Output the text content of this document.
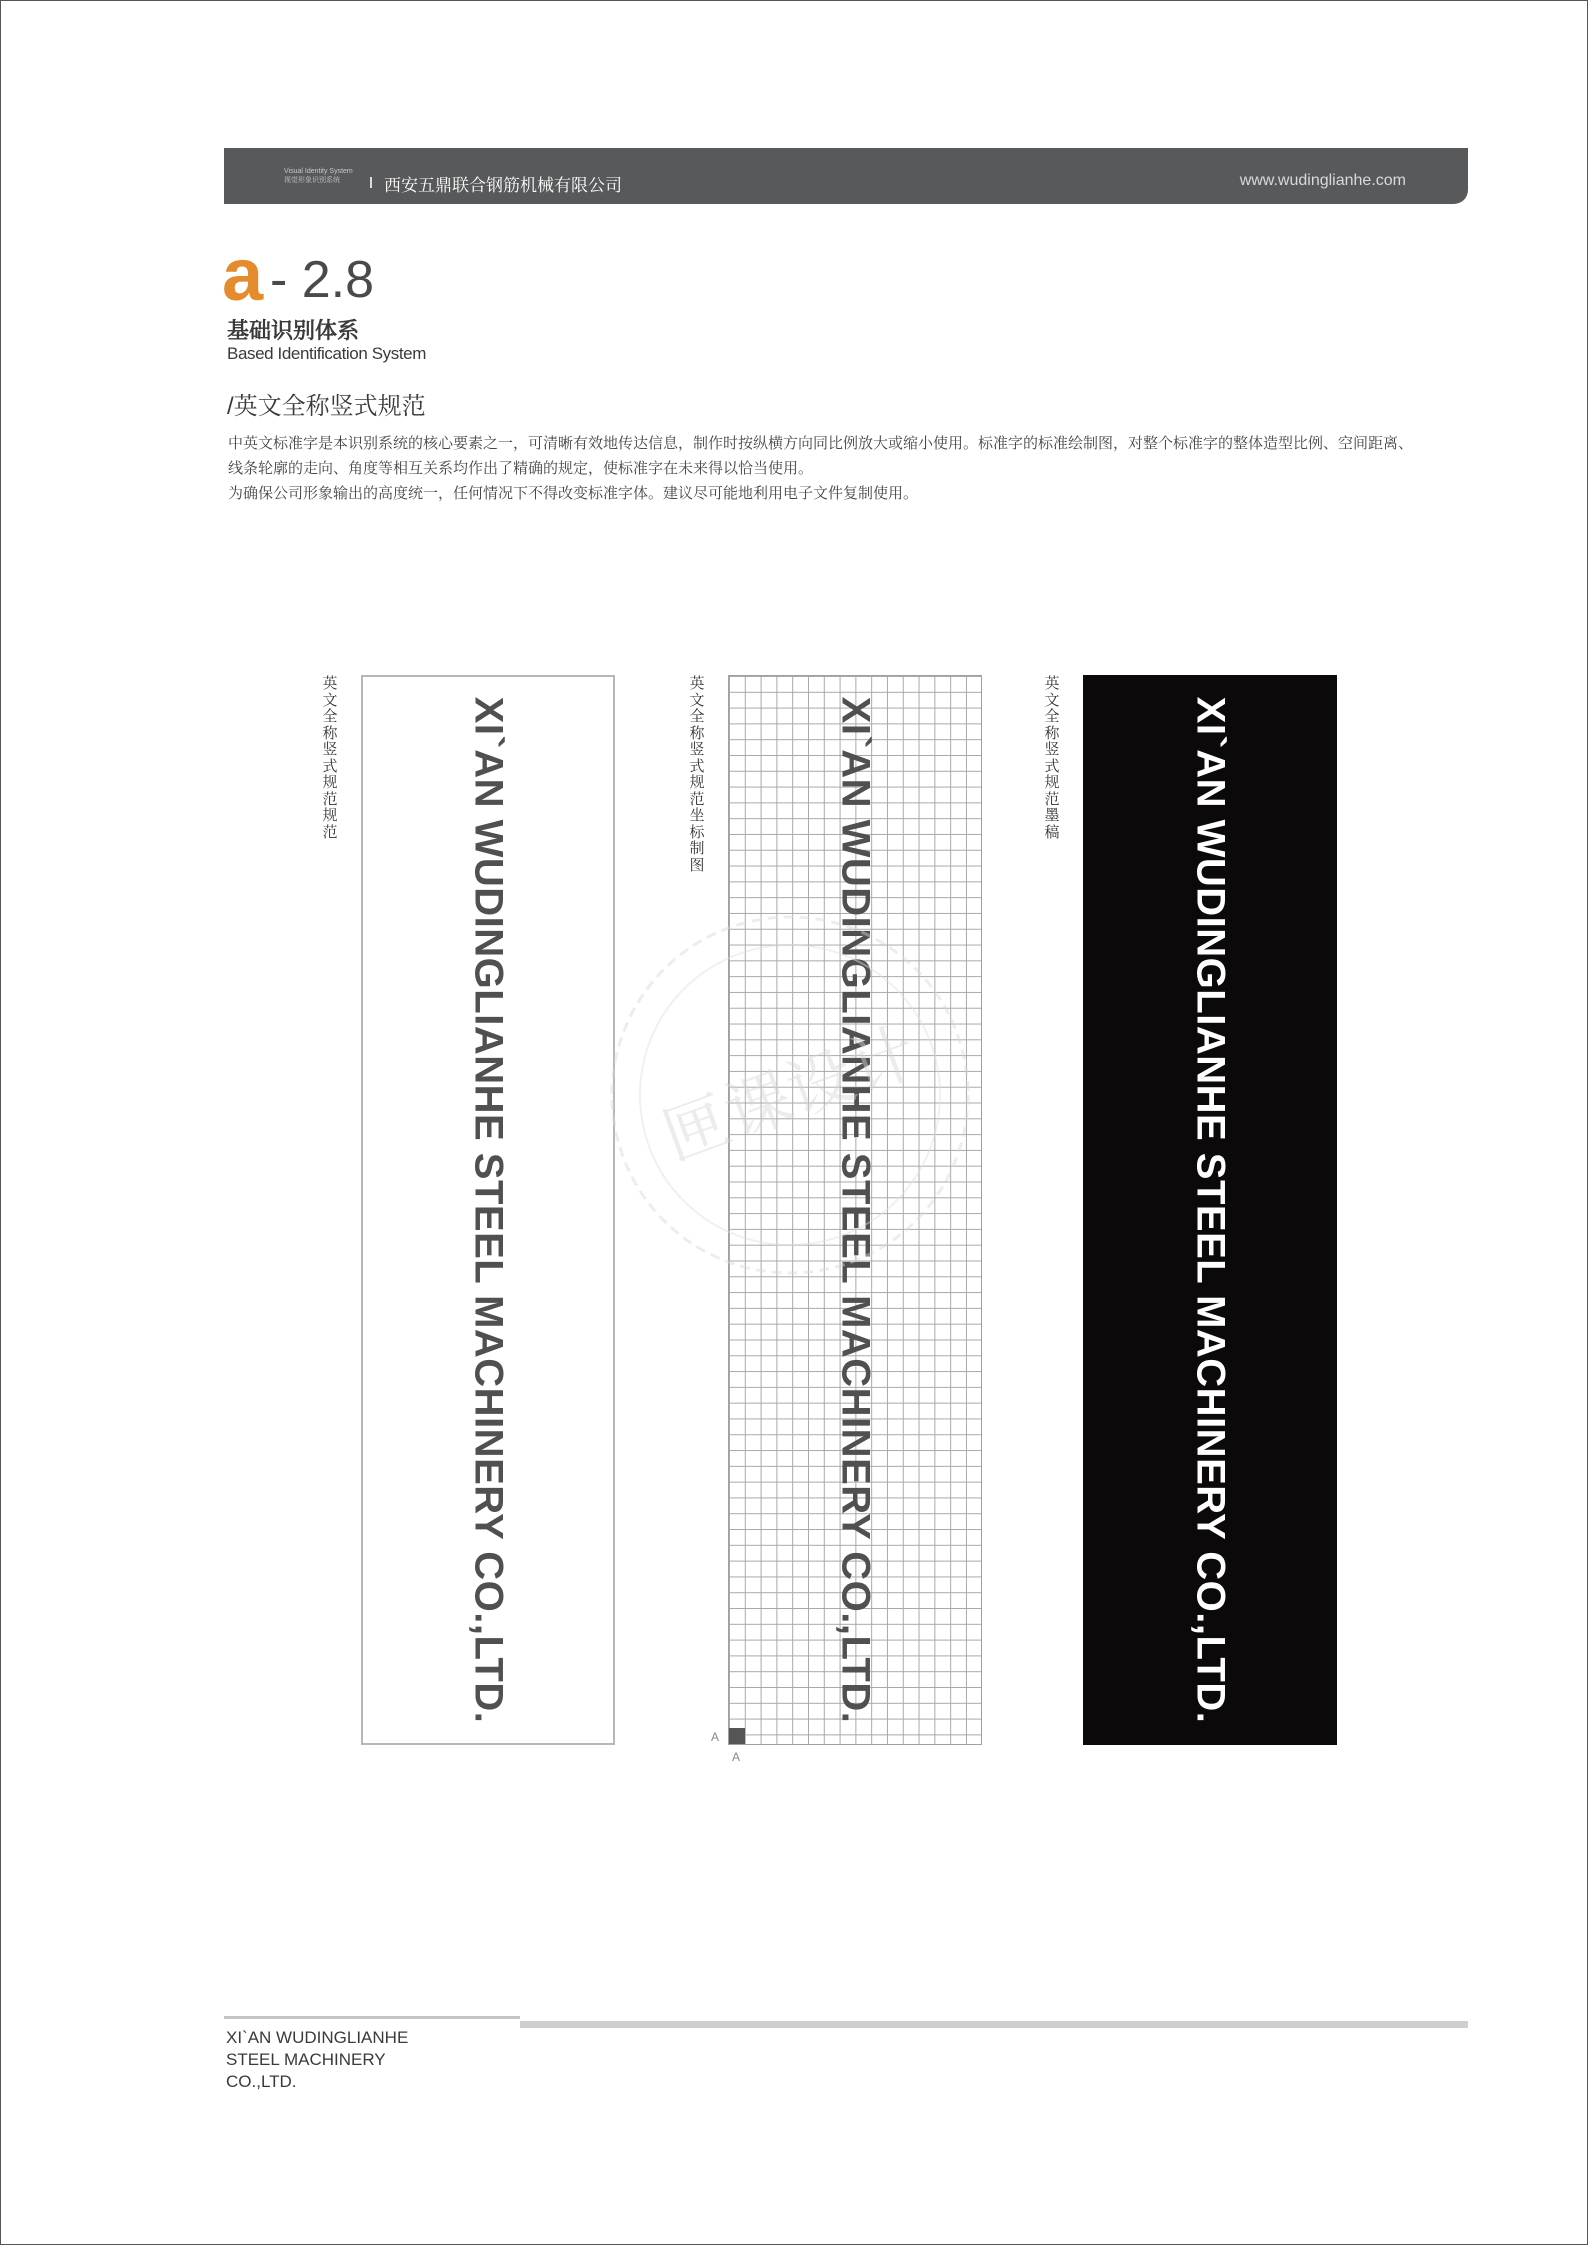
Visual Identity System
视觉形象识别系统	西安五鼎联合钢筋机械有限公司	www.wudinglianhe.com
a - 2.8
基础识别体系
Based Identification System
/英文全称竖式规范
中英文标准字是本识别系统的核心要素之一，可清晰有效地传达信息，制作时按纵横方向同比例放大或缩小使用。标准字的标准绘制图，对整个标准字的整体造型比例、空间距离、
线条轮廓的走向、角度等相互关系均作出了精确的规定，使标准字在未来得以恰当使用。
为确保公司形象输出的高度统一，任何情况下不得改变标准字体。建议尽可能地利用电子文件复制使用。
英文全称竖式规范规范
英文全称竖式规范坐标制图
英文全称竖式规范墨稿
XI`AN WUDINGLIANHE STEEL MACHINERY CO.,LTD.	XI`AN WUDINGLIANHE STEEL MACHINERY CO.,LTD.
A
A
XI`AN WUDINGLIANHE STEEL MACHINERY CO.,LTD.
匣课设计
XI`AN WUDINGLIANHE
STEEL MACHINERY
CO.,LTD.
